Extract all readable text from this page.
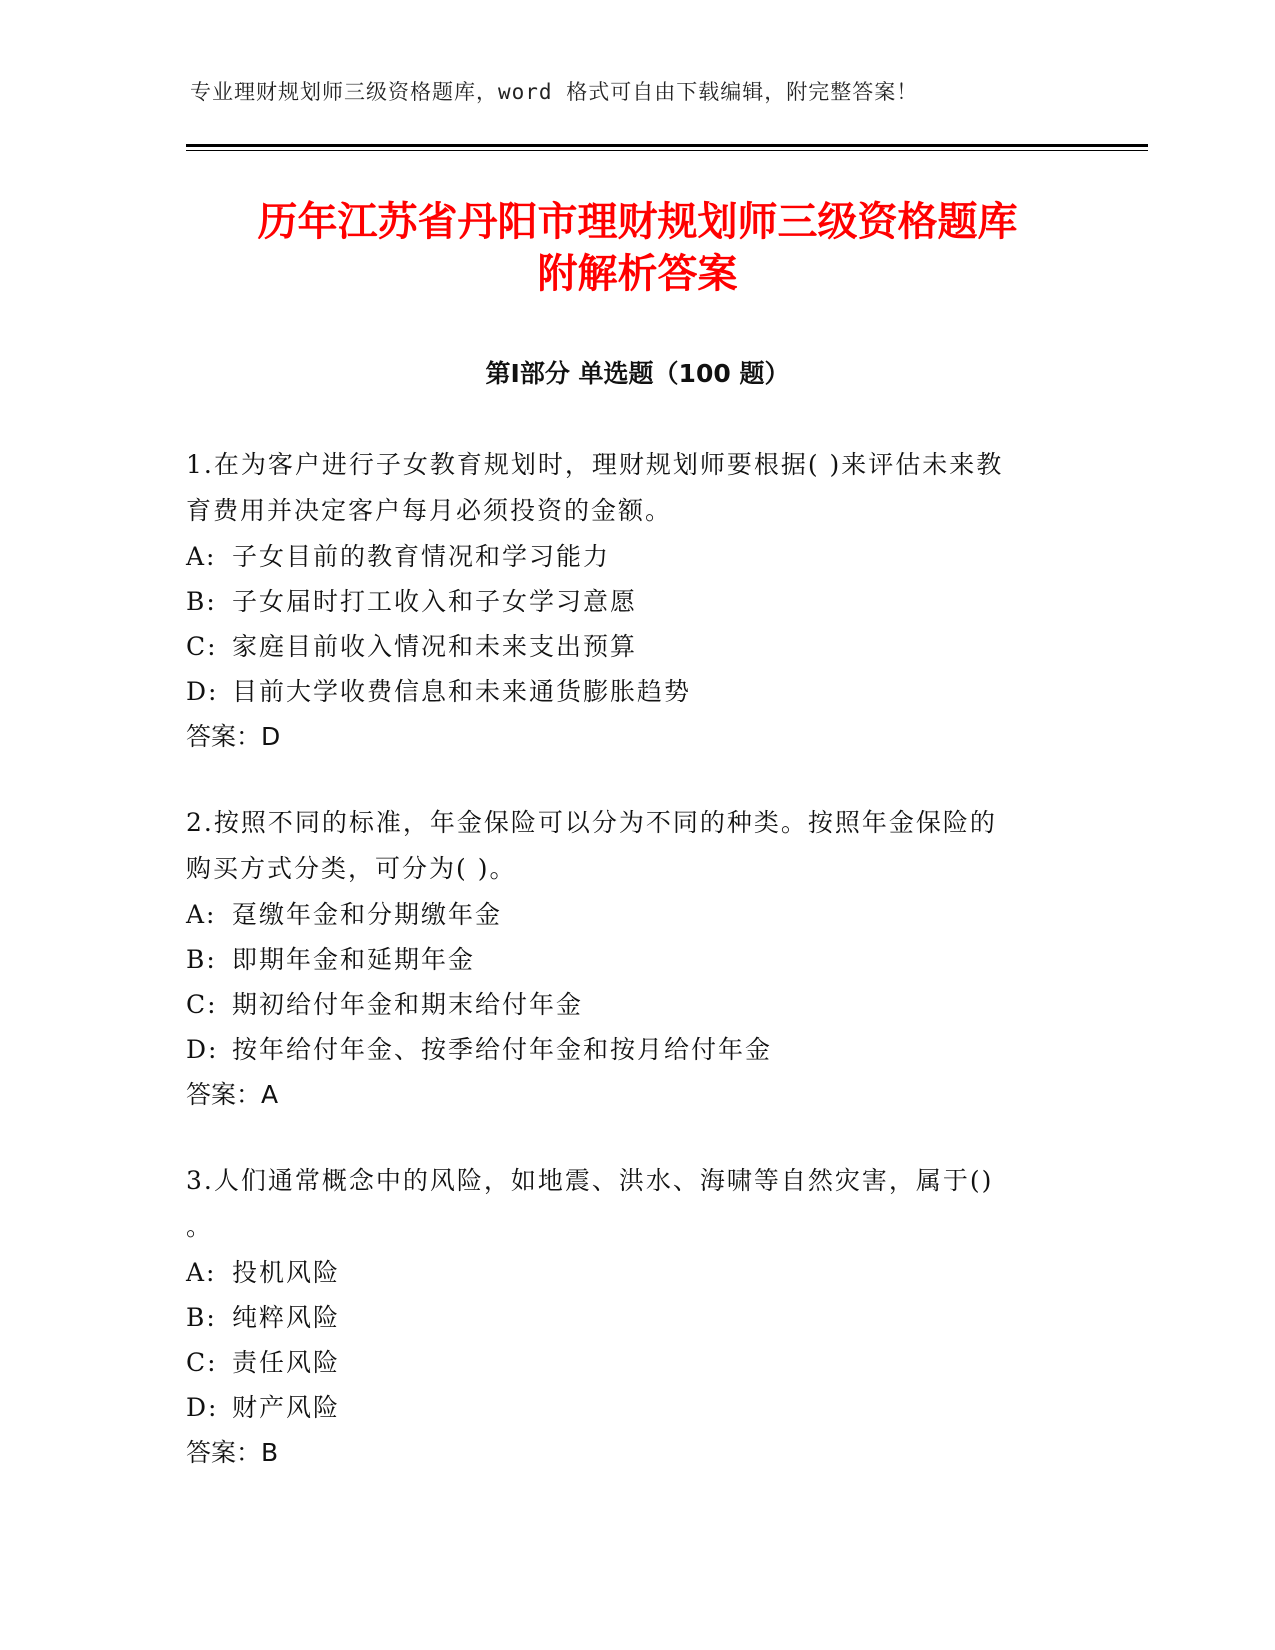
专业理财规划师三级资格题库，word 格式可自由下载编辑，附完整答案！
历年江苏省丹阳市理财规划师三级资格题库
附解析答案
第Ⅰ部分 单选题（100 题）

1.在为客户进行子女教育规划时，理财规划师要根据( )来评估未来教
育费用并决定客户每月必须投资的金额。

A: 子女目前的教育情况和学习能力

B: 子女届时打工收入和子女学习意愿

C: 家庭目前收入情况和未来支出预算

D: 目前大学收费信息和未来通货膨胀趋势

答案：D

2.按照不同的标准，年金保险可以分为不同的种类。按照年金保险的
购买方式分类，可分为( )。

A: 趸缴年金和分期缴年金

B: 即期年金和延期年金

C: 期初给付年金和期末给付年金

D: 按年给付年金、按季给付年金和按月给付年金

答案：A

3.人们通常概念中的风险，如地震、洪水、海啸等自然灾害，属于()
。

A: 投机风险

B: 纯粹风险

C: 责任风险

D: 财产风险

答案：B
